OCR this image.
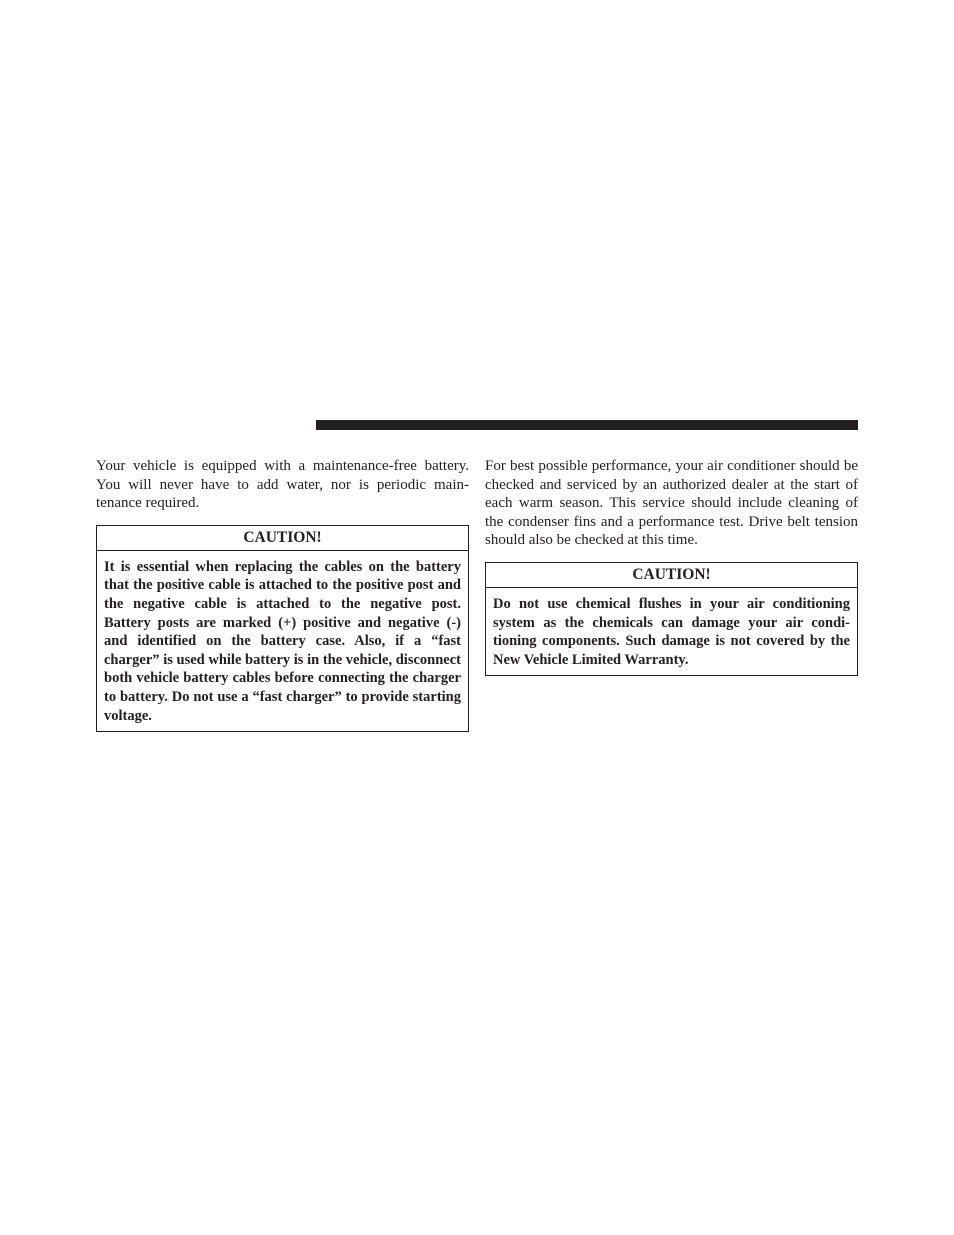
Your vehicle is equipped with a maintenance-free battery. You will never have to add water, nor is periodic main-tenance required.

CAUTION!
It is essential when replacing the cables on the battery that the positive cable is attached to the positive post and the negative cable is attached to the negative post. Battery posts are marked (+) positive and negative (-) and identified on the battery case. Also, if a “fast charger” is used while battery is in the vehicle, disconnect both vehicle battery cables before connecting the charger to battery. Do not use a “fast charger” to provide starting voltage.

For best possible performance, your air conditioner should be checked and serviced by an authorized dealer at the start of each warm season. This service should include cleaning of the condenser fins and a performance test. Drive belt tension should also be checked at this time.

CAUTION!
Do not use chemical flushes in your air conditioning system as the chemicals can damage your air condi-tioning components. Such damage is not covered by the New Vehicle Limited Warranty.
